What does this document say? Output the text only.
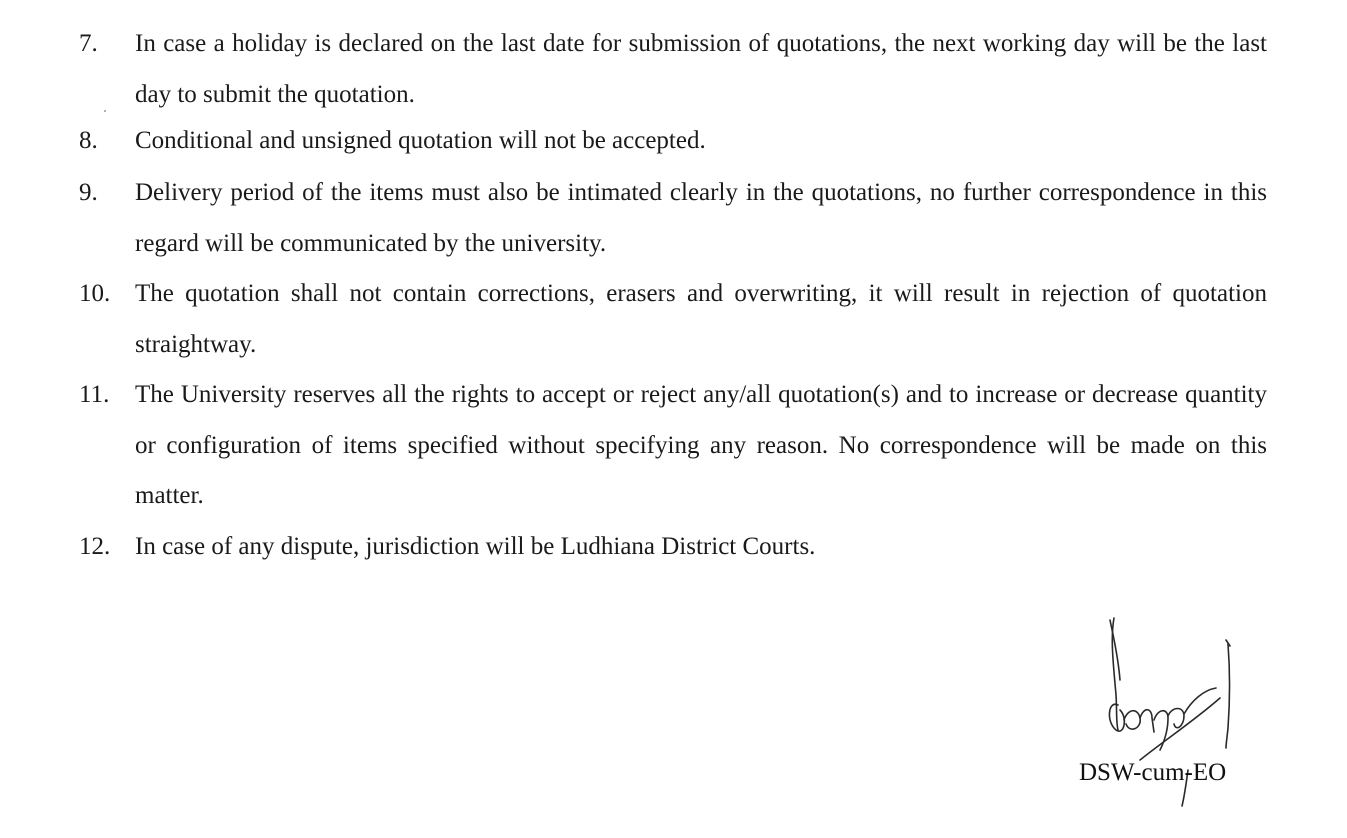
7. In case a holiday is declared on the last date for submission of quotations, the next working day will be the last day to submit the quotation.
8. Conditional and unsigned quotation will not be accepted.
9. Delivery period of the items must also be intimated clearly in the quotations, no further correspondence in this regard will be communicated by the university.
10. The quotation shall not contain corrections, erasers and overwriting, it will result in rejection of quotation straightway.
11. The University reserves all the rights to accept or reject any/all quotation(s) and to increase or decrease quantity or configuration of items specified without specifying any reason. No correspondence will be made on this matter.
12. In case of any dispute, jurisdiction will be Ludhiana District Courts.
DSW-cum-EO
